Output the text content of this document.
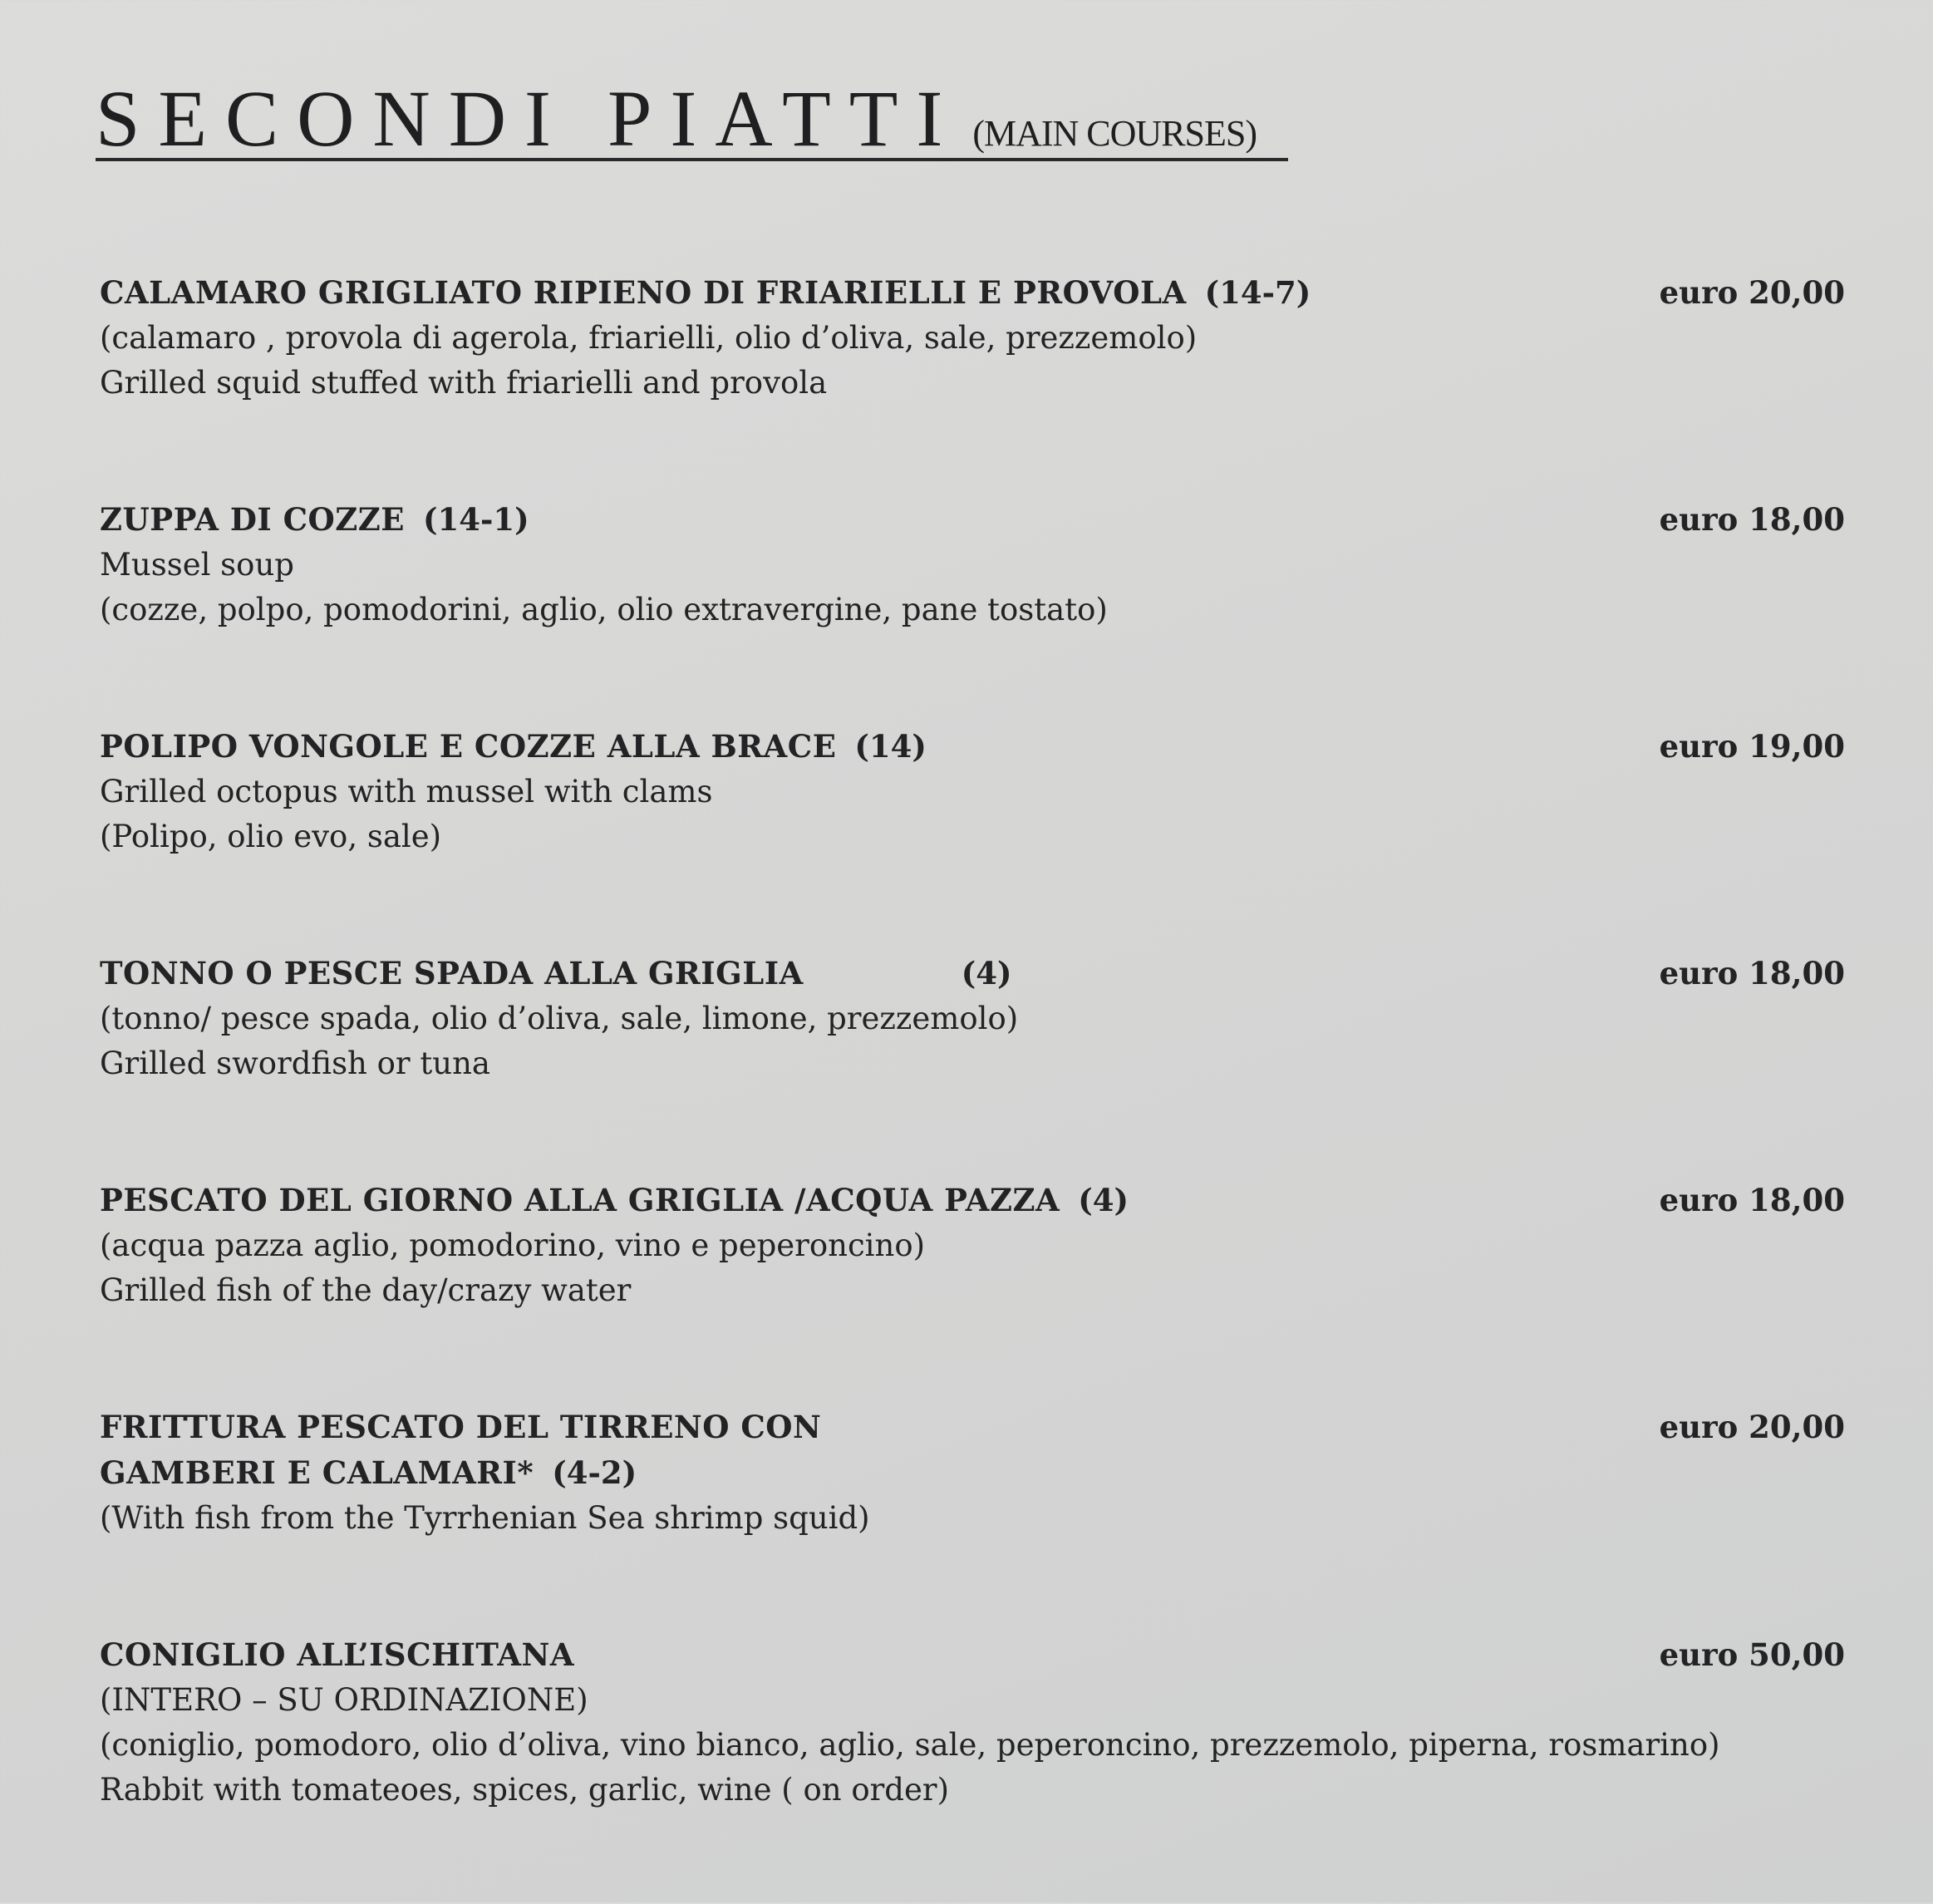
SECONDI PIATTI (MAIN COURSES)
CALAMARO GRIGLIATO RIPIENO DI FRIARIELLI E PROVOLA (14-7)
(calamaro , provola di agerola, friarielli, olio d’oliva, sale, prezzemolo)
Grilled squid stuffed with friarielli and provola
euro 20,00
ZUPPA DI COZZE (14-1)
Mussel soup
(cozze, polpo, pomodorini, aglio, olio extravergine, pane tostato)
euro 18,00
POLIPO VONGOLE E COZZE ALLA BRACE (14)
Grilled octopus with mussel with clams
(Polipo, olio evo, sale)
euro 19,00
TONNO O PESCE SPADA ALLA GRIGLIA	(4)
(tonno/ pesce spada, olio d’oliva, sale, limone, prezzemolo)
Grilled swordfish or tuna
euro 18,00
PESCATO DEL GIORNO ALLA GRIGLIA /ACQUA PAZZA (4)
(acqua pazza aglio, pomodorino, vino e peperoncino)
Grilled fish of the day/crazy water
euro 18,00
FRITTURA PESCATO DEL TIRRENO CON
GAMBERI E CALAMARI* (4-2)
(With fish from the Tyrrhenian Sea shrimp squid)
euro 20,00
CONIGLIO ALL’ISCHITANA
(INTERO – SU ORDINAZIONE)
(coniglio, pomodoro, olio d’oliva, vino bianco, aglio, sale, peperoncino, prezzemolo, piperna, rosmarino)
Rabbit with tomateoes, spices, garlic, wine ( on order)
euro 50,00
